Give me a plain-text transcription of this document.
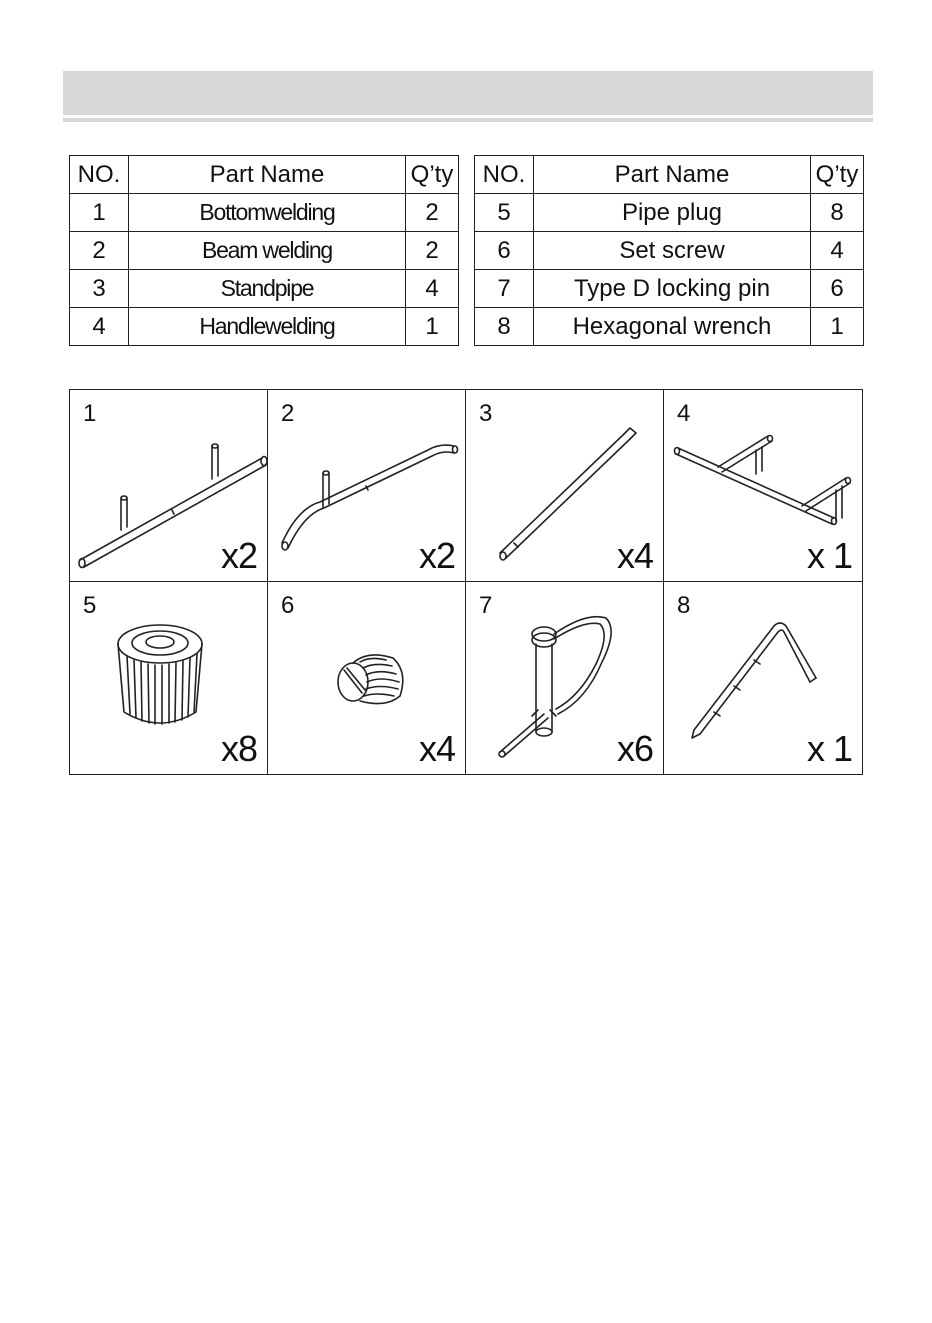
NO.	Part Name	Q’ty
1	Bottomwelding	2
2	Beam welding	2
3	Standpipe	4
4	Handlewelding	1
NO.	Part Name	Q’ty
5	Pipe plug	8
6	Set screw	4
7	Type D locking pin	6
8	Hexagonal wrench	1
1
x2
2
x2
3
x4
4
x 1
5
x8
6
x4
7
x6
8
x 1
